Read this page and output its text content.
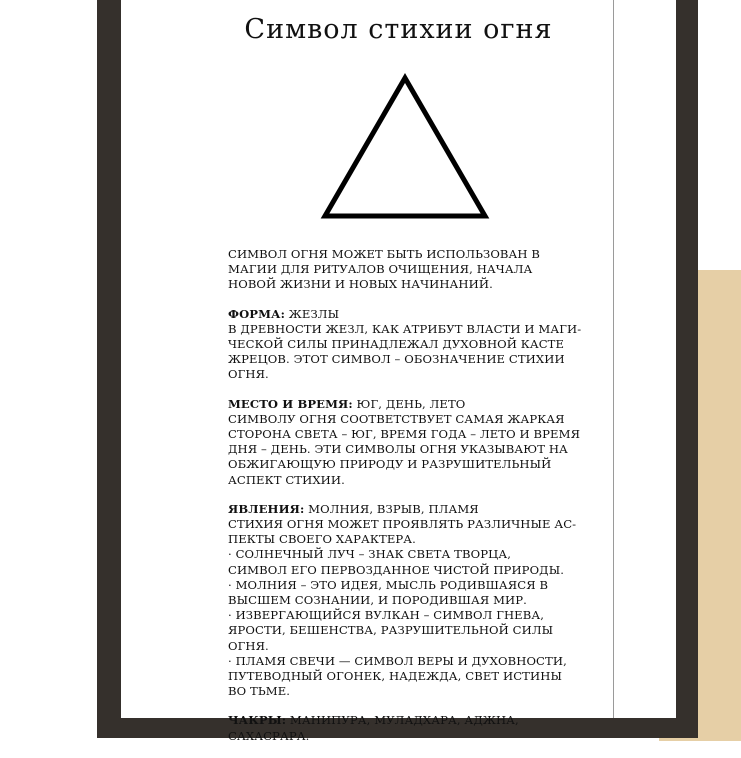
Символ стихии огня

СИМВОЛ ОГНЯ МОЖЕТ БЫТЬ ИСПОЛЬЗОВАН В
МАГИИ ДЛЯ РИТУАЛОВ ОЧИЩЕНИЯ, НАЧАЛА
НОВОЙ ЖИЗНИ И НОВЫХ НАЧИНАНИЙ.

ФОРМА: ЖЕЗЛЫ
В ДРЕВНОСТИ ЖЕЗЛ, КАК АТРИБУТ ВЛАСТИ И МАГИ-
ЧЕСКОЙ СИЛЫ ПРИНАДЛЕЖАЛ ДУХОВНОЙ КАСТЕ
ЖРЕЦОВ. ЭТОТ СИМВОЛ – ОБОЗНАЧЕНИЕ СТИХИИ
ОГНЯ.

МЕСТО И ВРЕМЯ: ЮГ, ДЕНЬ, ЛЕТО
СИМВОЛУ ОГНЯ СООТВЕТСТВУЕТ САМАЯ ЖАРКАЯ
СТОРОНА СВЕТА – ЮГ, ВРЕМЯ ГОДА – ЛЕТО И ВРЕМЯ
ДНЯ – ДЕНЬ. ЭТИ СИМВОЛЫ ОГНЯ УКАЗЫВАЮТ НА
ОБЖИГАЮЩУЮ ПРИРОДУ И РАЗРУШИТЕЛЬНЫЙ
АСПЕКТ СТИХИИ.

ЯВЛЕНИЯ: МОЛНИЯ, ВЗРЫВ, ПЛАМЯ
СТИХИЯ ОГНЯ МОЖЕТ ПРОЯВЛЯТЬ РАЗЛИЧНЫЕ АС-
ПЕКТЫ СВОЕГО ХАРАКТЕРА.
· СОЛНЕЧНЫЙ ЛУЧ – ЗНАК СВЕТА ТВОРЦА,
СИМВОЛ ЕГО ПЕРВОЗДАННОЕ ЧИСТОЙ ПРИРОДЫ.
· МОЛНИЯ – ЭТО ИДЕЯ, МЫСЛЬ РОДИВШАЯСЯ В
ВЫСШЕМ СОЗНАНИИ, И ПОРОДИВШАЯ МИР.
· ИЗВЕРГАЮЩИЙСЯ ВУЛКАН – СИМВОЛ ГНЕВА,
ЯРОСТИ, БЕШЕНСТВА, РАЗРУШИТЕЛЬНОЙ СИЛЫ
ОГНЯ.
· ПЛАМЯ СВЕЧИ — СИМВОЛ ВЕРЫ И ДУХОВНОСТИ,
ПУТЕВОДНЫЙ ОГОНЕК, НАДЕЖДА, СВЕТ ИСТИНЫ
ВО ТЬМЕ.

ЧАКРЫ: МАНИПУРА, МУЛАДХАРА, АДЖНА,
САХАСРАРА.
